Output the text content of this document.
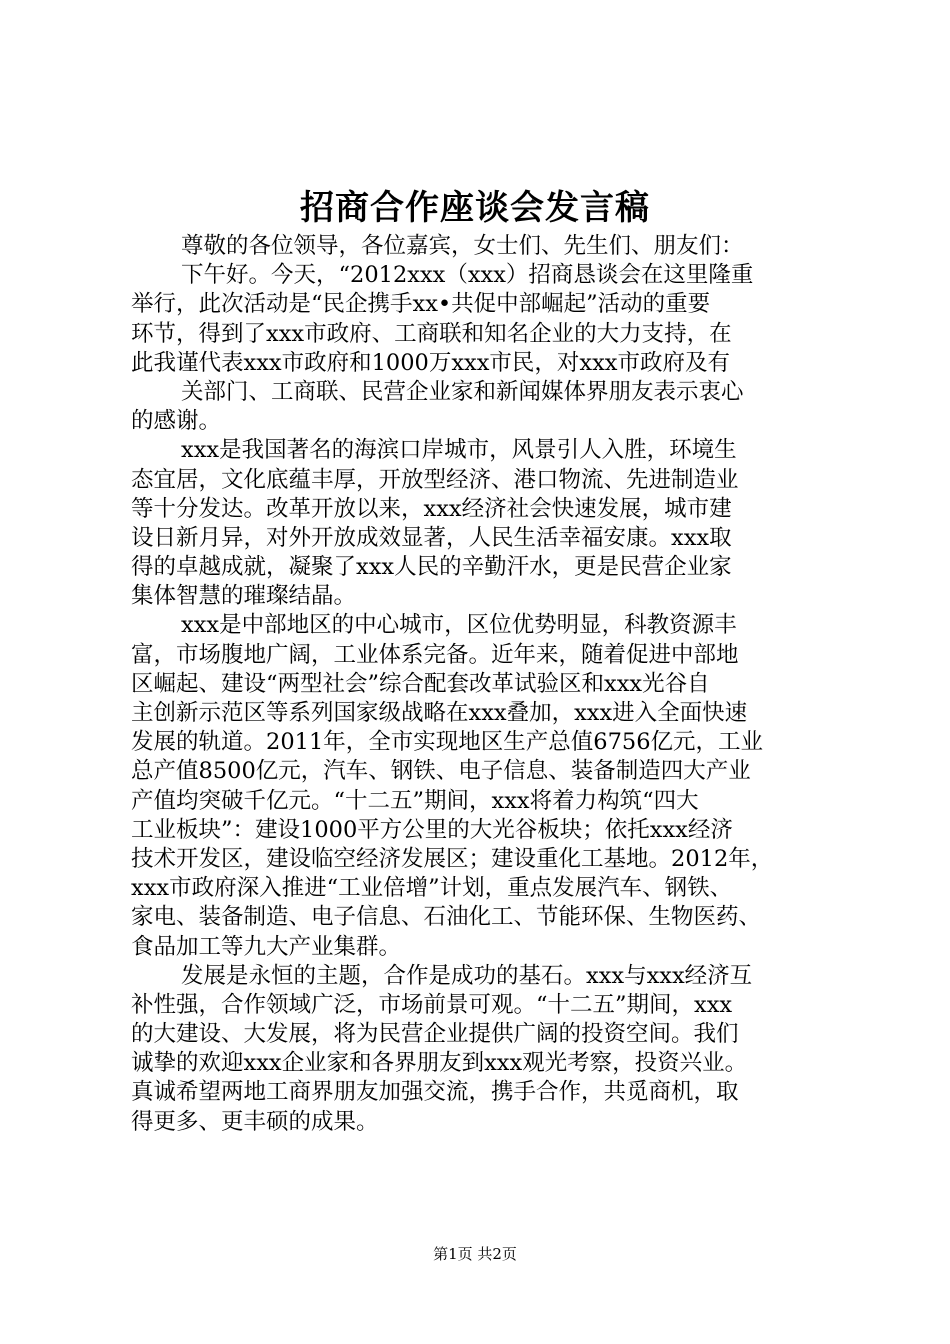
招商合作座谈会发言稿
尊敬的各位领导，各位嘉宾，女士们、先生们、朋友们：
下午好。今天，“2012xxx（xxx）招商恳谈会在这里隆重
举行，此次活动是“民企携手xx•共促中部崛起”活动的重要
环节，得到了xxx市政府、工商联和知名企业的大力支持，在
此我谨代表xxx市政府和1000万xxx市民，对xxx市政府及有
关部门、工商联、民营企业家和新闻媒体界朋友表示衷心
的感谢。
xxx是我国著名的海滨口岸城市，风景引人入胜，环境生
态宜居，文化底蕴丰厚，开放型经济、港口物流、先进制造业
等十分发达。改革开放以来，xxx经济社会快速发展，城市建
设日新月异，对外开放成效显著，人民生活幸福安康。xxx取
得的卓越成就，凝聚了xxx人民的辛勤汗水，更是民营企业家
集体智慧的璀璨结晶。
xxx是中部地区的中心城市，区位优势明显，科教资源丰
富，市场腹地广阔，工业体系完备。近年来，随着促进中部地
区崛起、建设“两型社会”综合配套改革试验区和xxx光谷自
主创新示范区等系列国家级战略在xxx叠加，xxx进入全面快速
发展的轨道。2011年，全市实现地区生产总值6756亿元，工业
总产值8500亿元，汽车、钢铁、电子信息、装备制造四大产业
产值均突破千亿元。“十二五”期间，xxx将着力构筑“四大
工业板块”：建设1000平方公里的大光谷板块；依托xxx经济
技术开发区，建设临空经济发展区；建设重化工基地。2012年，
xxx市政府深入推进“工业倍增”计划，重点发展汽车、钢铁、
家电、装备制造、电子信息、石油化工、节能环保、生物医药、
食品加工等九大产业集群。
发展是永恒的主题，合作是成功的基石。xxx与xxx经济互
补性强，合作领域广泛，市场前景可观。“十二五”期间，xxx
的大建设、大发展，将为民营企业提供广阔的投资空间。我们
诚挚的欢迎xxx企业家和各界朋友到xxx观光考察，投资兴业。
真诚希望两地工商界朋友加强交流，携手合作，共觅商机，取
得更多、更丰硕的成果。
第1页 共2页
